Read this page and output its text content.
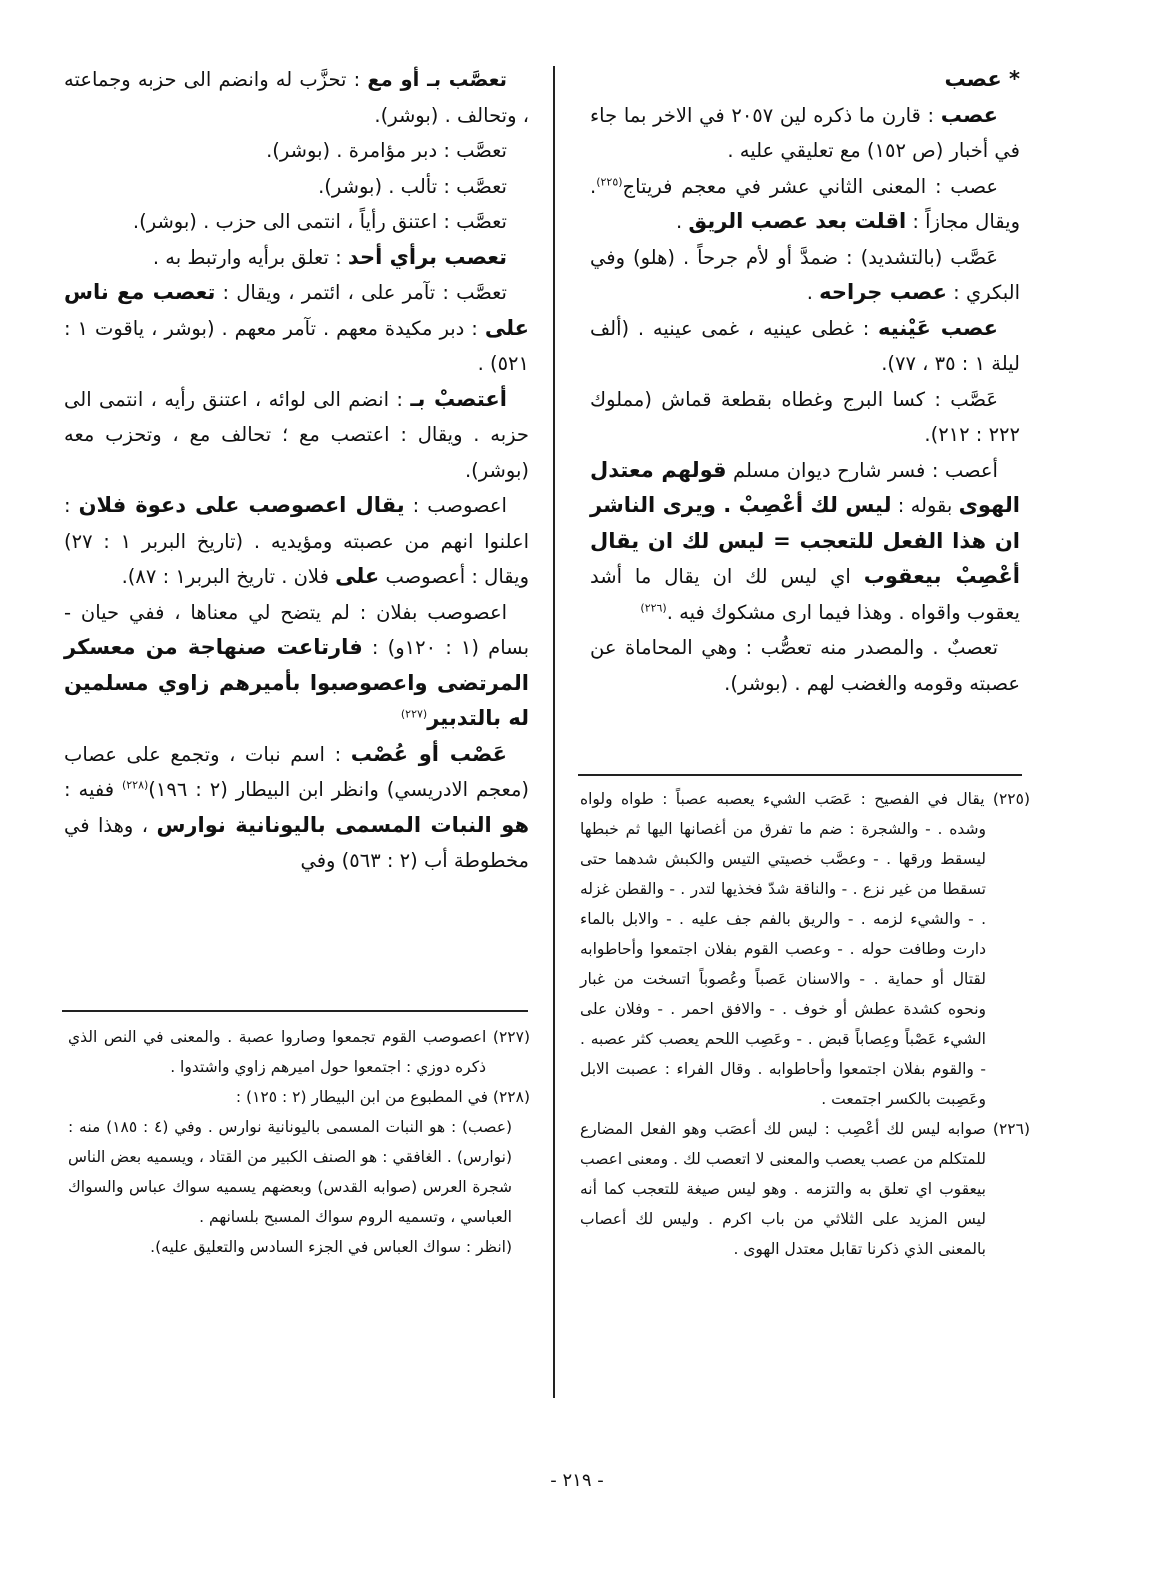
* عصب

عصب : قارن ما ذكره لين ٢٠٥٧ في الاخر بما جاء في أخبار (ص ١٥٢) مع تعليقي عليه .

عصب : المعنى الثاني عشر في معجم فريتاج$^{(٢٢٥)}$. ويقال مجازاً : اقلت بعد عصب الريق .

عَصَّب (بالتشديد) : ضمدَّ أو لأم جرحاً . (هلو) وفي البكري : عصب جراحه .

عصب عَيْنيه : غطى عينيه ، غمى عينيه . (ألف ليلة ١ : ٣٥ ، ٧٧).

عَصَّب : كسا البرج وغطاه بقطعة قماش (مملوك ٢٢٢ : ٢١٢).

أعصب : فسر شارح ديوان مسلم قولهم معتدل الهوى بقوله : ليس لك أعْصِبْ . ويرى الناشر ان هذا الفعل للتعجب = ليس لك ان يقال أعْصِبْ بيعقوب اي ليس لك ان يقال ما أشد يعقوب واقواه . وهذا فيما ارى مشكوك فيه .$^{(٢٢٦)}$

تعصبٌ . والمصدر منه تعصُّب : وهي المحاماة عن عصبته وقومه والغضب لهم . (بوشر).

تعصَّب بـ أو مع : تحزَّب له وانضم الى حزبه وجماعته ، وتحالف . (بوشر).

تعصَّب : دبر مؤامرة . (بوشر).

تعصَّب : تألب . (بوشر).

تعصَّب : اعتنق رأياً ، انتمى الى حزب . (بوشر).

تعصب برأي أحد : تعلق برأيه وارتبط به .

تعصَّب : تآمر على ، ائتمر ، ويقال : تعصب مع ناس على : دبر مكيدة معهم . تآمر معهم . (بوشر ، ياقوت ١ : ٥٢١) .

أعتصبْ بـ : انضم الى لوائه ، اعتنق رأيه ، انتمى الى حزبه . ويقال : اعتصب مع ؛ تحالف مع ، وتحزب معه (بوشر).

اعصوصب : يقال اعصوصب على دعوة فلان : اعلنوا انهم من عصبته ومؤيديه . (تاريخ البربر ١ : ٢٧) ويقال : أعصوصب على فلان . تاريخ البربر١ : ٨٧).

اعصوصب بفلان : لم يتضح لي معناها ، ففي حيان - بسام (١ : ١٢٠و) : فارتاعت صنهاجة من معسكر المرتضى واعصوصبوا بأميرهم زاوي مسلمين له بالتدبير$^{(٢٢٧)}$

عَصْب أو عُصْب : اسم نبات ، وتجمع على عصاب (معجم الادريسي) وانظر ابن البيطار (٢ : ١٩٦)$^{(٢٢٨)}$ ففيه : هو النبات المسمى باليونانية نوارس ، وهذا في مخطوطة أب (٢ : ٥٦٣) وفي

(٢٢٥) يقال في الفصيح : عَصَب الشيء يعصبه عصباً : طواه ولواه وشده . - والشجرة : ضم ما تفرق من أغصانها اليها ثم خبطها ليسقط ورقها . - وعصَّب خصيتي التيس والكبش شدهما حتى تسقطا من غير نزع . - والناقة شدّ فخذيها لتدر . - والقطن غزله . - والشيء لزمه . - والريق بالفم جف عليه . - والابل بالماء دارت وطافت حوله . - وعصب القوم بفلان اجتمعوا وأحاطوابه لقتال أو حماية . - والاسنان عَصباً وعُصوباً اتسخت من غبار ونحوه كشدة عطش أو خوف . - والافق احمر . - وفلان على الشيء عَصْباً وعِصاباً قبض . - وعَصِب اللحم يعصب كثر عصبه . - والقوم بفلان اجتمعوا وأحاطوابه . وقال الفراء : عصبت الابل وعَصِبت بالكسر اجتمعت .

(٢٢٦) صوابه ليس لك أعْصِب : ليس لك أعصَب وهو الفعل المضارع للمتكلم من عصب يعصب والمعنى لا اتعصب لك . ومعنى اعصب بيعقوب اي تعلق به والتزمه . وهو ليس صيغة للتعجب كما أنه ليس المزيد على الثلاثي من باب اكرم . وليس لك أعصاب بالمعنى الذي ذكرنا تقابل معتدل الهوى .

(٢٢٧) اعصوصب القوم تجمعوا وصاروا عصبة . والمعنى في النص الذي ذكره دوزي : اجتمعوا حول اميرهم زاوي واشتدوا .

(٢٢٨) في المطبوع من ابن البيطار (٢ : ١٢٥) :

(عصب) : هو النبات المسمى باليونانية نوارس . وفي (٤ : ١٨٥) منه : (نوارس) . الغافقي : هو الصنف الكبير من القتاد ، ويسميه بعض الناس شجرة العرس (صوابه القدس) وبعضهم يسميه سواك عباس والسواك العباسي ، وتسميه الروم سواك المسبح بلسانهم .

(انظر : سواك العباس في الجزء السادس والتعليق عليه).

- ٢١٩ -
